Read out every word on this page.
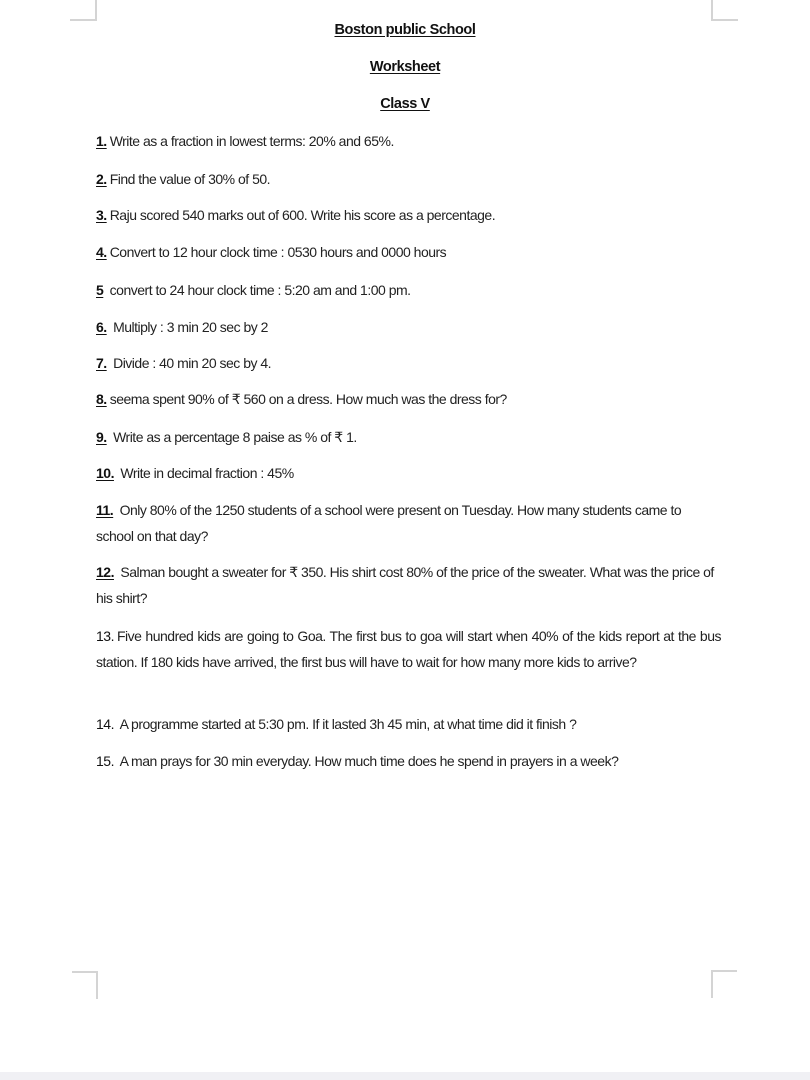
Boston public School
Worksheet
Class V
1. Write as a fraction in lowest terms: 20% and 65%.
2. Find the value of 30% of 50.
3. Raju scored 540 marks out of 600. Write his score as a percentage.
4. Convert to 12 hour clock time : 0530 hours and 0000 hours
5 convert to 24 hour clock time : 5:20 am and 1:00 pm.
6. Multiply : 3 min 20 sec by 2
7. Divide : 40 min 20 sec by 4.
8. seema spent 90% of ₹ 560 on a dress. How much was the dress for?
9. Write as a percentage 8 paise as % of ₹ 1.
10. Write in decimal fraction : 45%
11. Only 80% of the 1250 students of a school were present on Tuesday. How many students came to school on that day?
12. Salman bought a sweater for ₹ 350. His shirt cost 80% of the price of the sweater. What was the price of his shirt?
13. Five hundred kids are going to Goa. The first bus to goa will start when 40% of the kids report at the bus station. If 180 kids have arrived, the first bus will have to wait for how many more kids to arrive?
14. A programme started at 5:30 pm. If it lasted 3h 45 min, at what time did it finish ?
15. A man prays for 30 min everyday. How much time does he spend in prayers in a week?
